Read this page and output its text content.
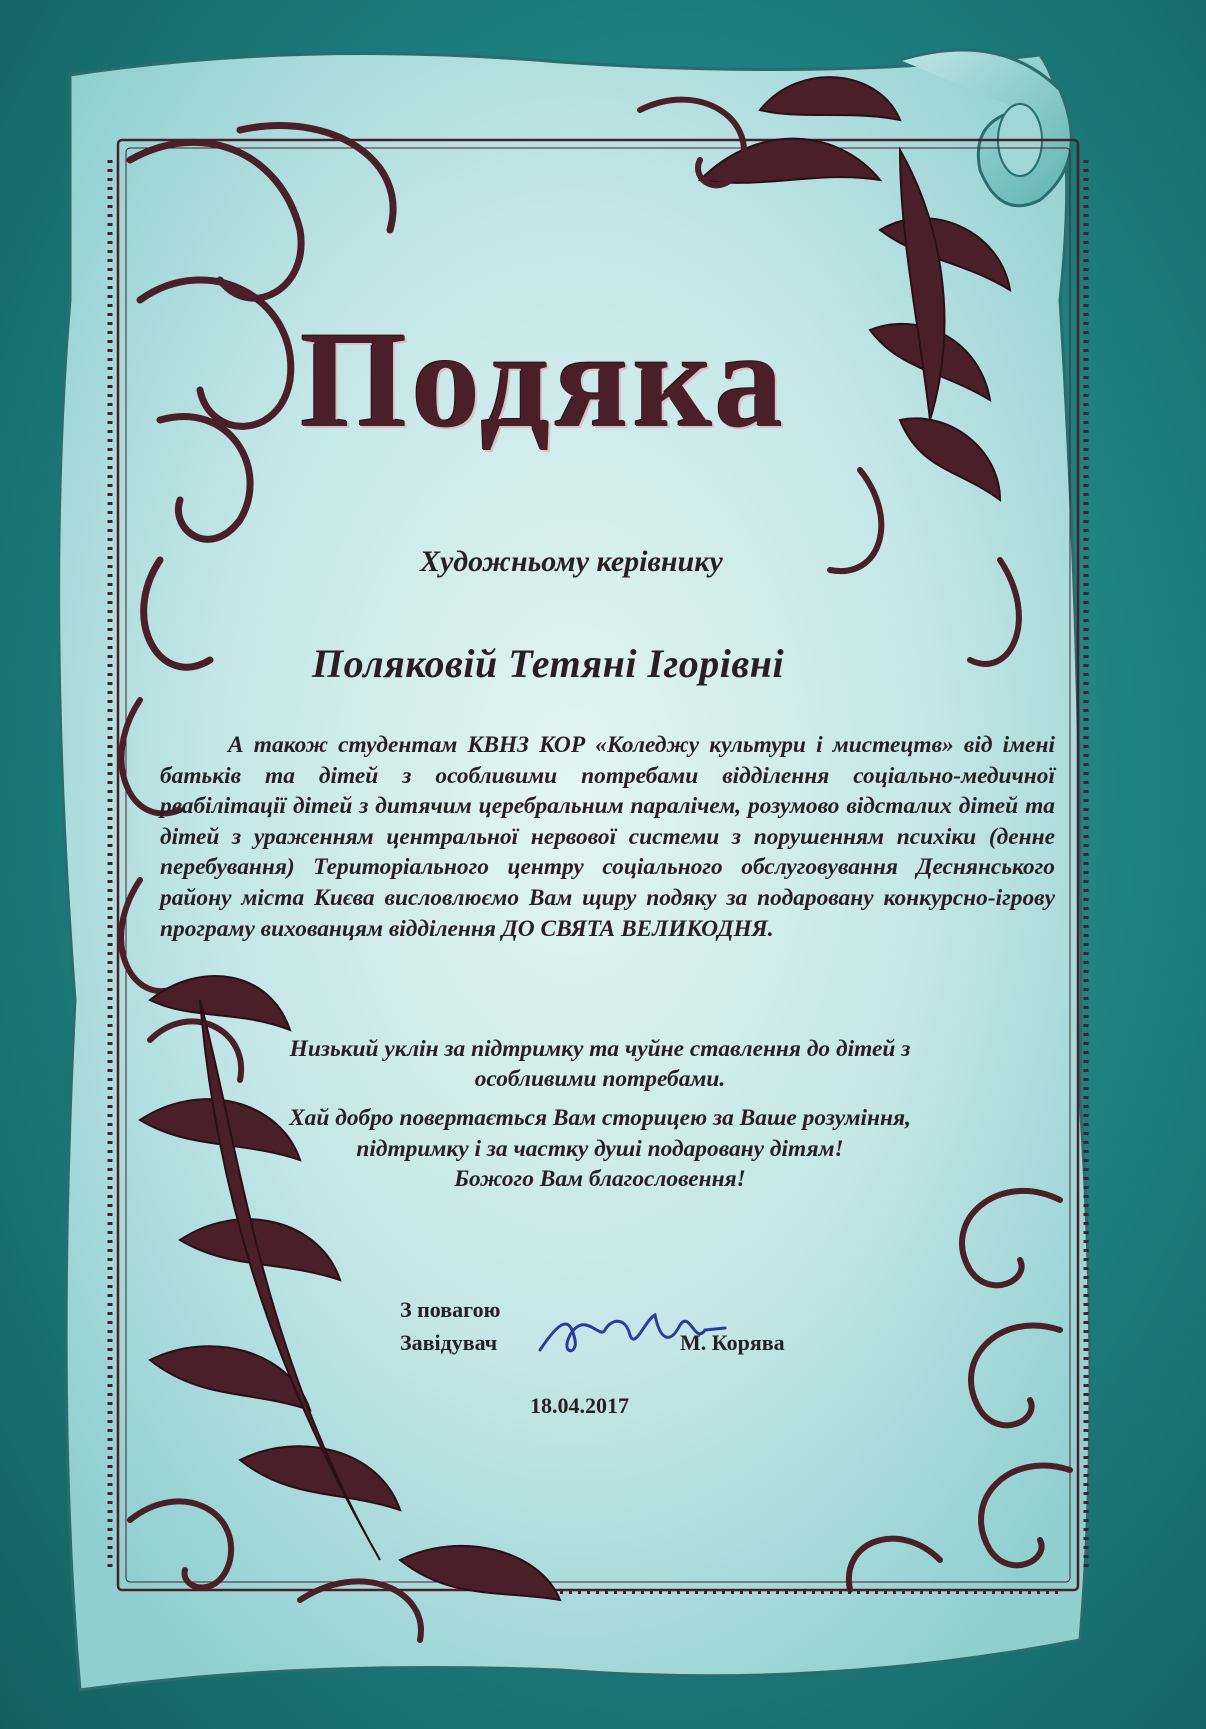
Подяка
Художньому керівнику
Поляковій Тетяні Ігорівні
А також студентам КВНЗ КОР «Коледжу культури і мистецтв» від імені батьків та дітей з особливими потребами відділення соціально-медичної реабілітації дітей з дитячим церебральним паралічем, розумово відсталих дітей та дітей з ураженням центральної нервової системи з порушенням психіки (денне перебування) Територіального центру соціального обслуговування Деснянського району міста Києва висловлюємо Вам щиру подяку за подаровану конкурсно-ігрову програму вихованцям відділення ДО СВЯТА ВЕЛИКОДНЯ.
Низький уклін за підтримку та чуйне ставлення до дітей з
особливими потребами.
Хай добро повертається Вам сторицею за Ваше розуміння,
підтримку і за частку душі подаровану дітям!
Божого Вам благословення!
З повагою
Завідувач	М. Корява
18.04.2017
